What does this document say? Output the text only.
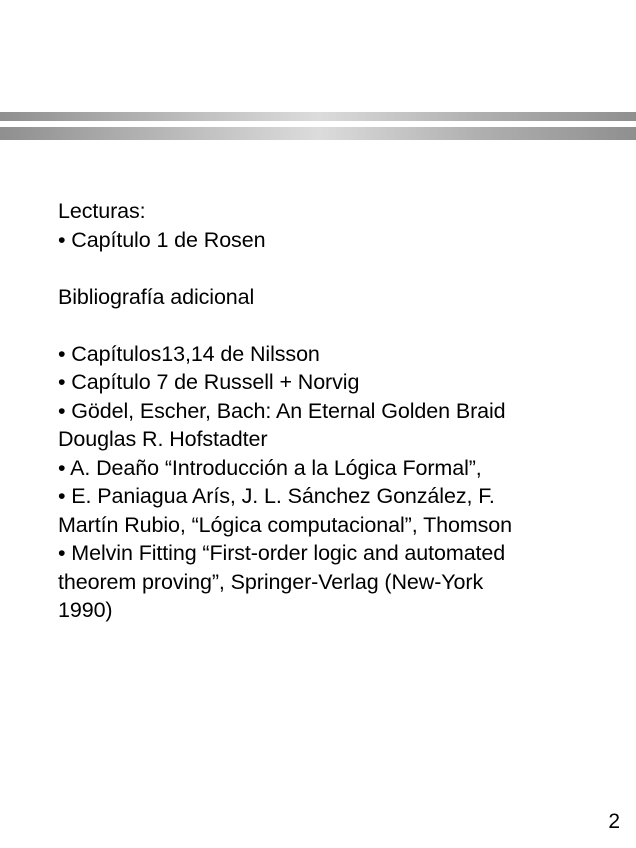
Lecturas:
• Capítulo 1 de Rosen
Bibliografía adicional
• Capítulos13,14 de Nilsson
• Capítulo 7 de Russell + Norvig
• Gödel, Escher, Bach: An Eternal Golden Braid
Douglas R. Hofstadter
• A. Deaño “Introducción a la Lógica Formal”,
• E. Paniagua Arís, J. L. Sánchez González, F.
Martín Rubio, “Lógica computacional”, Thomson
• Melvin Fitting “First-order logic and automated
theorem proving”, Springer-Verlag (New-York
1990)
2
